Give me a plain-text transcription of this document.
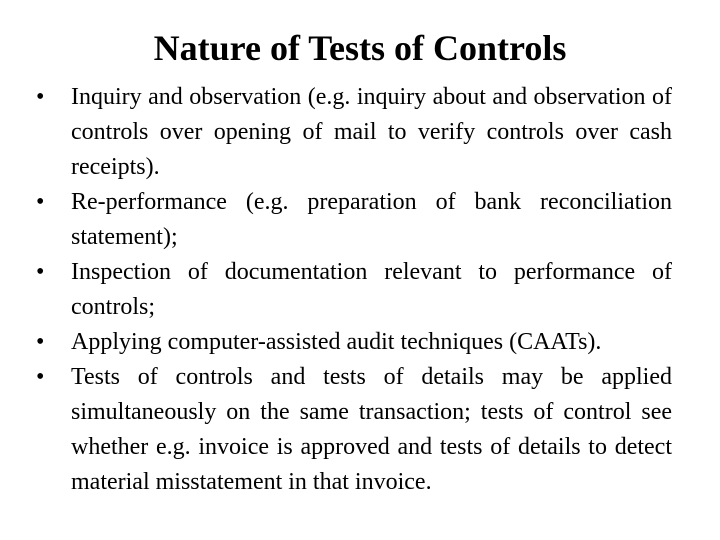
Nature of Tests of Controls
•	Inquiry and observation (e.g. inquiry about and observation of controls over opening of mail to verify controls over cash receipts).
•	Re-performance (e.g. preparation of bank reconciliation statement);
•	Inspection of documentation relevant to performance of controls;
•	Applying computer-assisted audit techniques (CAATs).
•	Tests of controls and tests of details may be applied simultaneously on the same transaction; tests of control see whether e.g. invoice is approved and tests of details to detect material misstatement in that invoice.
